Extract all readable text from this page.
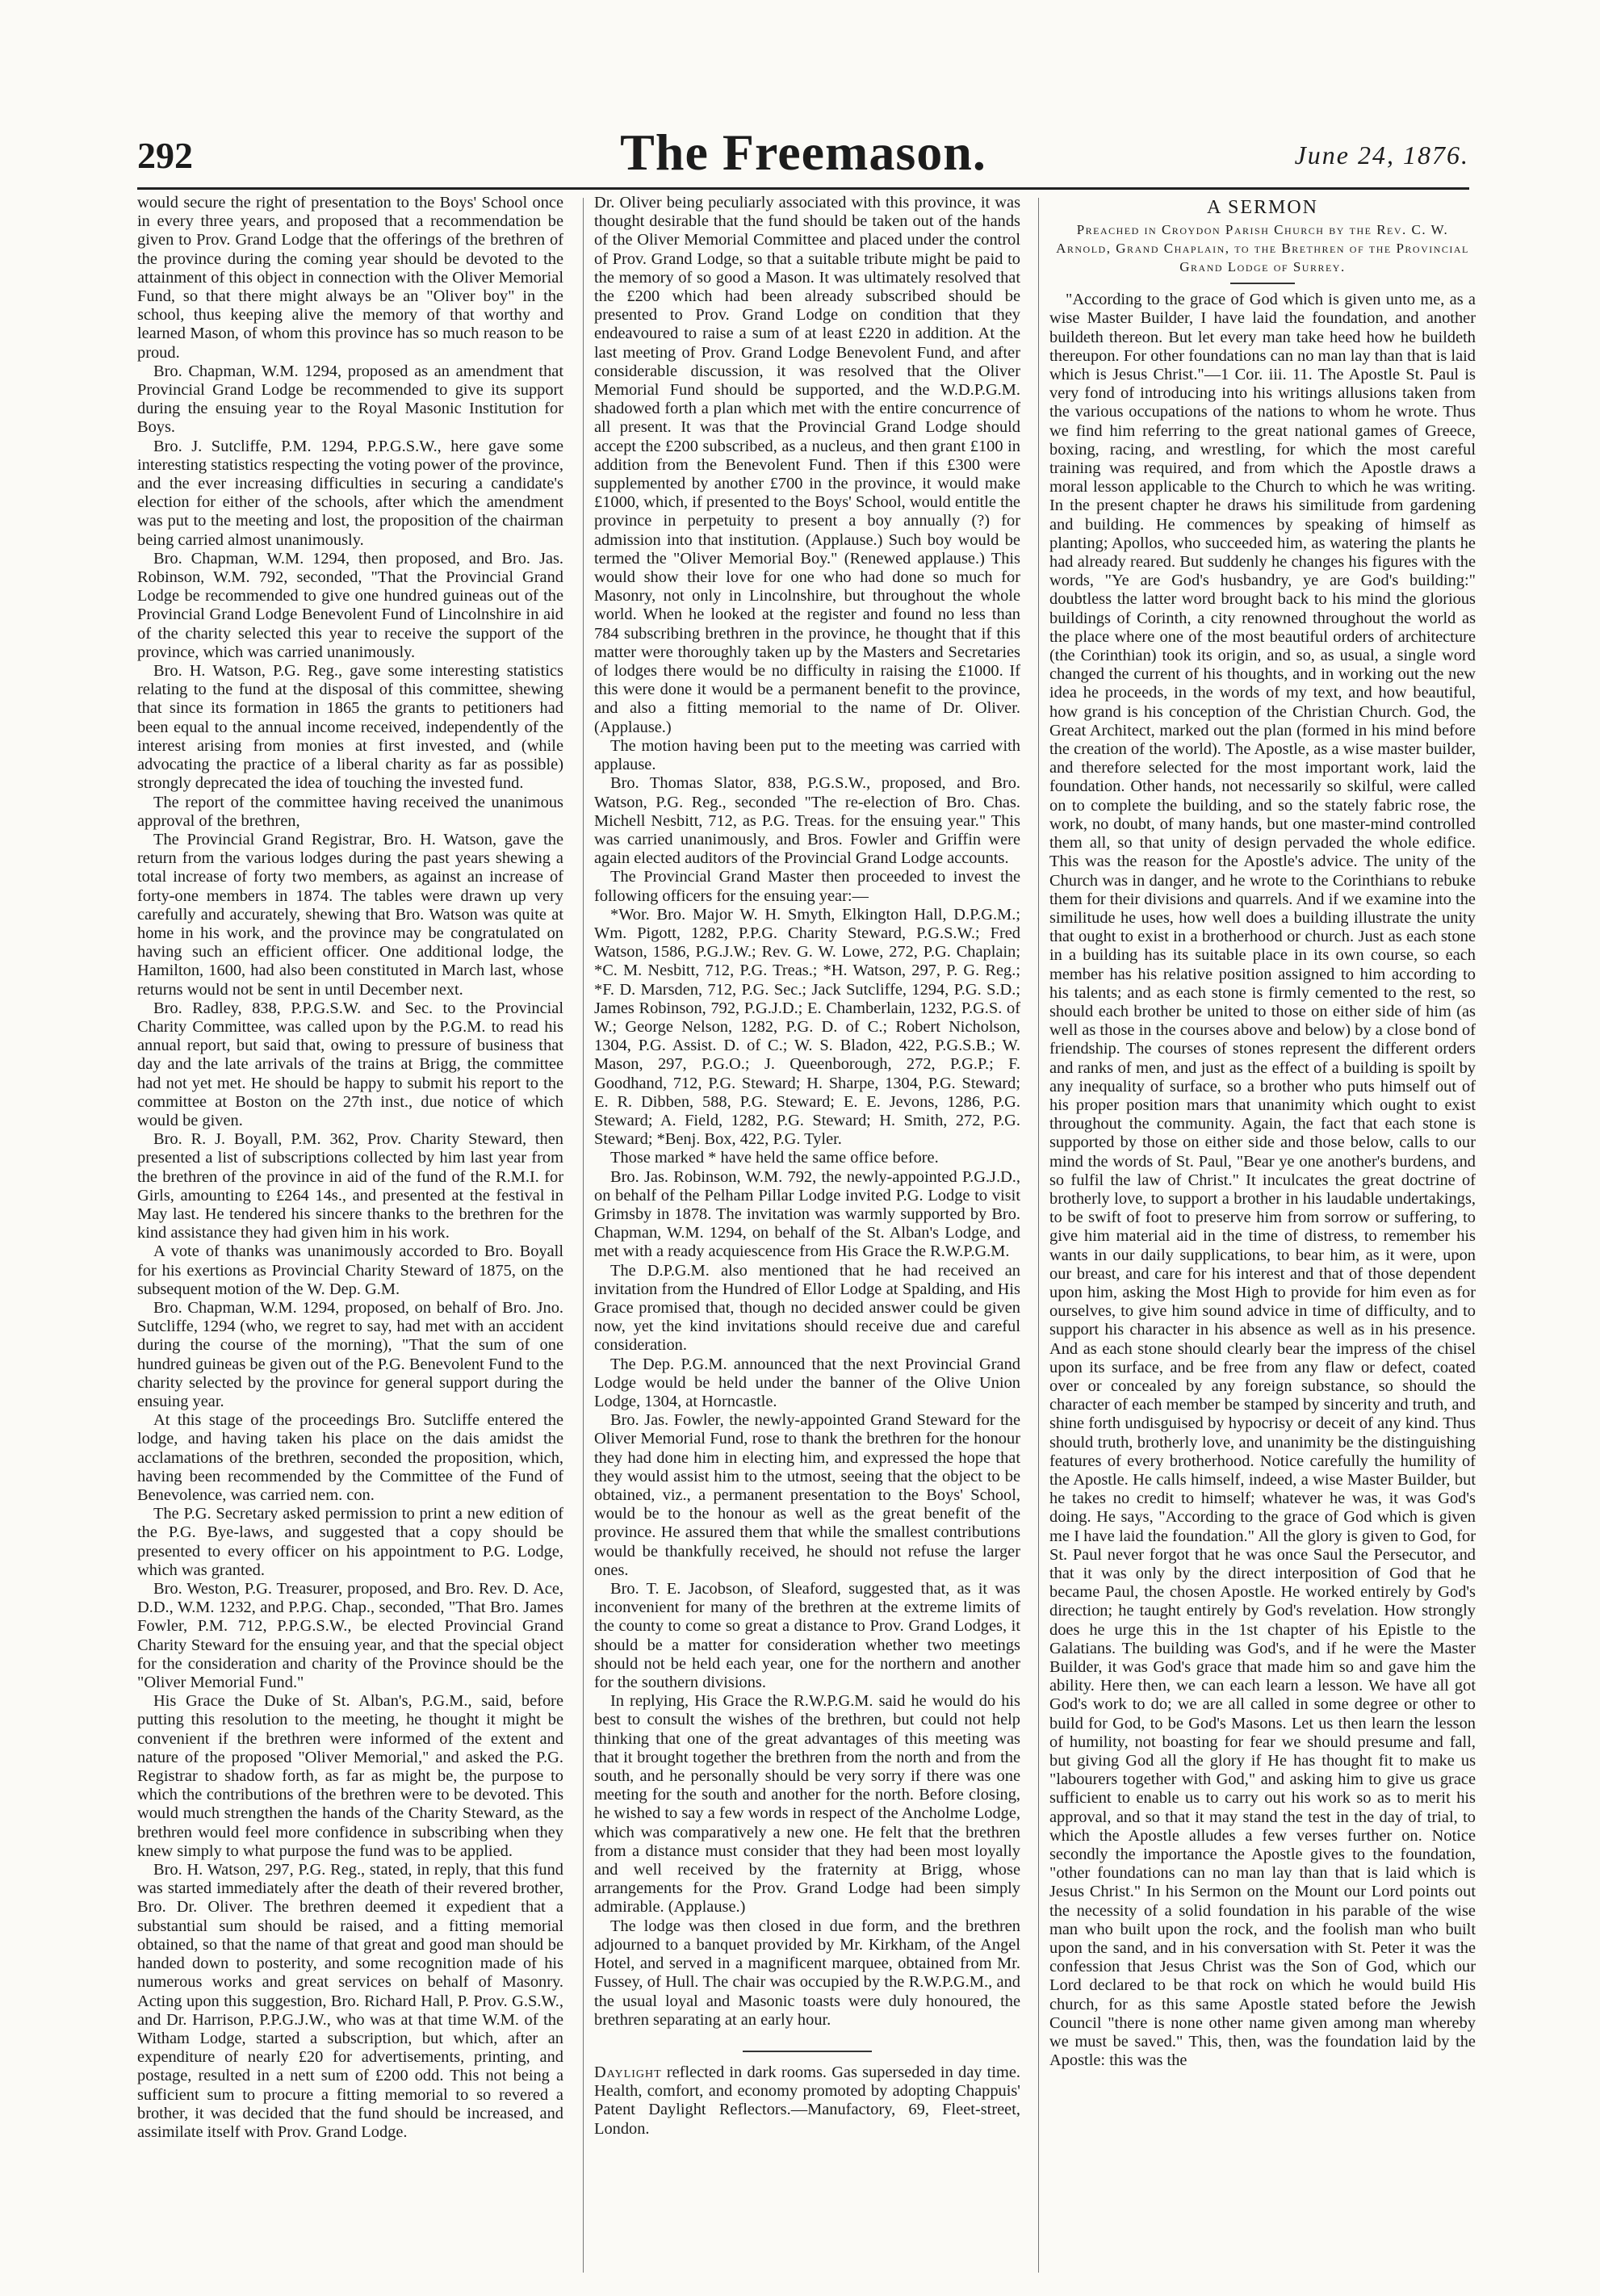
292	The Freemason.	June 24, 1876.

would secure the right of presentation to the Boys' School once in every three years, and proposed that a recommendation be given to Prov. Grand Lodge that the offerings of the brethren of the province during the coming year should be devoted to the attainment of this object in connection with the Oliver Memorial Fund, so that there might always be an "Oliver boy" in the school, thus keeping alive the memory of that worthy and learned Mason, of whom this province has so much reason to be proud.

Bro. Chapman, W.M. 1294, proposed as an amendment that Provincial Grand Lodge be recommended to give its support during the ensuing year to the Royal Masonic Institution for Boys.

Bro. J. Sutcliffe, P.M. 1294, P.P.G.S.W., here gave some interesting statistics respecting the voting power of the province, and the ever increasing difficulties in securing a candidate's election for either of the schools, after which the amendment was put to the meeting and lost, the proposition of the chairman being carried almost unanimously.

Bro. Chapman, W.M. 1294, then proposed, and Bro. Jas. Robinson, W.M. 792, seconded, "That the Provincial Grand Lodge be recommended to give one hundred guineas out of the Provincial Grand Lodge Benevolent Fund of Lincolnshire in aid of the charity selected this year to receive the support of the province, which was carried unanimously.

Bro. H. Watson, P.G. Reg., gave some interesting statistics relating to the fund at the disposal of this committee, shewing that since its formation in 1865 the grants to petitioners had been equal to the annual income received, independently of the interest arising from monies at first invested, and (while advocating the practice of a liberal charity as far as possible) strongly deprecated the idea of touching the invested fund.

The report of the committee having received the unanimous approval of the brethren,

The Provincial Grand Registrar, Bro. H. Watson, gave the return from the various lodges during the past years shewing a total increase of forty two members, as against an increase of forty-one members in 1874. The tables were drawn up very carefully and accurately, shewing that Bro. Watson was quite at home in his work, and the province may be congratulated on having such an efficient officer. One additional lodge, the Hamilton, 1600, had also been constituted in March last, whose returns would not be sent in until December next.

Bro. Radley, 838, P.P.G.S.W. and Sec. to the Provincial Charity Committee, was called upon by the P.G.M. to read his annual report, but said that, owing to pressure of business that day and the late arrivals of the trains at Brigg, the committee had not yet met. He should be happy to submit his report to the committee at Boston on the 27th inst., due notice of which would be given.

Bro. R. J. Boyall, P.M. 362, Prov. Charity Steward, then presented a list of subscriptions collected by him last year from the brethren of the province in aid of the fund of the R.M.I. for Girls, amounting to £264 14s., and presented at the festival in May last. He tendered his sincere thanks to the brethren for the kind assistance they had given him in his work.

A vote of thanks was unanimously accorded to Bro. Boyall for his exertions as Provincial Charity Steward of 1875, on the subsequent motion of the W. Dep. G.M.

Bro. Chapman, W.M. 1294, proposed, on behalf of Bro. Jno. Sutcliffe, 1294 (who, we regret to say, had met with an accident during the course of the morning), "That the sum of one hundred guineas be given out of the P.G. Benevolent Fund to the charity selected by the province for general support during the ensuing year.

At this stage of the proceedings Bro. Sutcliffe entered the lodge, and having taken his place on the dais amidst the acclamations of the brethren, seconded the proposition, which, having been recommended by the Committee of the Fund of Benevolence, was carried nem. con.

The P.G. Secretary asked permission to print a new edition of the P.G. Bye-laws, and suggested that a copy should be presented to every officer on his appointment to P.G. Lodge, which was granted.

Bro. Weston, P.G. Treasurer, proposed, and Bro. Rev. D. Ace, D.D., W.M. 1232, and P.P.G. Chap., seconded, "That Bro. James Fowler, P.M. 712, P.P.G.S.W., be elected Provincial Grand Charity Steward for the ensuing year, and that the special object for the consideration and charity of the Province should be the "Oliver Memorial Fund."

His Grace the Duke of St. Alban's, P.G.M., said, before putting this resolution to the meeting, he thought it might be convenient if the brethren were informed of the extent and nature of the proposed "Oliver Memorial," and asked the P.G. Registrar to shadow forth, as far as might be, the purpose to which the contributions of the brethren were to be devoted. This would much strengthen the hands of the Charity Steward, as the brethren would feel more confidence in subscribing when they knew simply to what purpose the fund was to be applied.

Bro. H. Watson, 297, P.G. Reg., stated, in reply, that this fund was started immediately after the death of their revered brother, Bro. Dr. Oliver. The brethren deemed it expedient that a substantial sum should be raised, and a fitting memorial obtained, so that the name of that great and good man should be handed down to posterity, and some recognition made of his numerous works and great services on behalf of Masonry. Acting upon this suggestion, Bro. Richard Hall, P. Prov. G.S.W., and Dr. Harrison, P.P.G.J.W., who was at that time W.M. of the Witham Lodge, started a subscription, but which, after an expenditure of nearly £20 for advertisements, printing, and postage, resulted in a nett sum of £200 odd. This not being a sufficient sum to procure a fitting memorial to so revered a brother, it was decided that the fund should be increased, and assimilate itself with Prov. Grand Lodge.

Dr. Oliver being peculiarly associated with this province, it was thought desirable that the fund should be taken out of the hands of the Oliver Memorial Committee and placed under the control of Prov. Grand Lodge, so that a suitable tribute might be paid to the memory of so good a Mason. It was ultimately resolved that the £200 which had been already subscribed should be presented to Prov. Grand Lodge on condition that they endeavoured to raise a sum of at least £220 in addition. At the last meeting of Prov. Grand Lodge Benevolent Fund, and after considerable discussion, it was resolved that the Oliver Memorial Fund should be supported, and the W.D.P.G.M. shadowed forth a plan which met with the entire concurrence of all present. It was that the Provincial Grand Lodge should accept the £200 subscribed, as a nucleus, and then grant £100 in addition from the Benevolent Fund. Then if this £300 were supplemented by another £700 in the province, it would make £1000, which, if presented to the Boys' School, would entitle the province in perpetuity to present a boy annually (?) for admission into that institution. (Applause.) Such boy would be termed the "Oliver Memorial Boy." (Renewed applause.) This would show their love for one who had done so much for Masonry, not only in Lincolnshire, but throughout the whole world. When he looked at the register and found no less than 784 subscribing brethren in the province, he thought that if this matter were thoroughly taken up by the Masters and Secretaries of lodges there would be no difficulty in raising the £1000. If this were done it would be a permanent benefit to the province, and also a fitting memorial to the name of Dr. Oliver. (Applause.)

The motion having been put to the meeting was carried with applause.

Bro. Thomas Slator, 838, P.G.S.W., proposed, and Bro. Watson, P.G. Reg., seconded "The re-election of Bro. Chas. Michell Nesbitt, 712, as P.G. Treas. for the ensuing year." This was carried unanimously, and Bros. Fowler and Griffin were again elected auditors of the Provincial Grand Lodge accounts.

The Provincial Grand Master then proceeded to invest the following officers for the ensuing year:—

*Wor. Bro. Major W. H. Smyth, Elkington Hall, D.P.G.M.; Wm. Pigott, 1282, P.P.G. Charity Steward, P.G.S.W.; Fred Watson, 1586, P.G.J.W.; Rev. G. W. Lowe, 272, P.G. Chaplain; *C. M. Nesbitt, 712, P.G. Treas.; *H. Watson, 297, P. G. Reg.; *F. D. Marsden, 712, P.G. Sec.; Jack Sutcliffe, 1294, P.G. S.D.; James Robinson, 792, P.G.J.D.; E. Chamberlain, 1232, P.G.S. of W.; George Nelson, 1282, P.G. D. of C.; Robert Nicholson, 1304, P.G. Assist. D. of C.; W. S. Bladon, 422, P.G.S.B.; W. Mason, 297, P.G.O.; J. Queenborough, 272, P.G.P.; F. Goodhand, 712, P.G. Steward; H. Sharpe, 1304, P.G. Steward; E. R. Dibben, 588, P.G. Steward; E. E. Jevons, 1286, P.G. Steward; A. Field, 1282, P.G. Steward; H. Smith, 272, P.G. Steward; *Benj. Box, 422, P.G. Tyler.

Those marked * have held the same office before.

Bro. Jas. Robinson, W.M. 792, the newly-appointed P.G.J.D., on behalf of the Pelham Pillar Lodge invited P.G. Lodge to visit Grimsby in 1878. The invitation was warmly supported by Bro. Chapman, W.M. 1294, on behalf of the St. Alban's Lodge, and met with a ready acquiescence from His Grace the R.W.P.G.M.

The D.P.G.M. also mentioned that he had received an invitation from the Hundred of Ellor Lodge at Spalding, and His Grace promised that, though no decided answer could be given now, yet the kind invitations should receive due and careful consideration.

The Dep. P.G.M. announced that the next Provincial Grand Lodge would be held under the banner of the Olive Union Lodge, 1304, at Horncastle.

Bro. Jas. Fowler, the newly-appointed Grand Steward for the Oliver Memorial Fund, rose to thank the brethren for the honour they had done him in electing him, and expressed the hope that they would assist him to the utmost, seeing that the object to be obtained, viz., a permanent presentation to the Boys' School, would be to the honour as well as the great benefit of the province. He assured them that while the smallest contributions would be thankfully received, he should not refuse the larger ones.

Bro. T. E. Jacobson, of Sleaford, suggested that, as it was inconvenient for many of the brethren at the extreme limits of the county to come so great a distance to Prov. Grand Lodges, it should be a matter for consideration whether two meetings should not be held each year, one for the northern and another for the southern divisions.

In replying, His Grace the R.W.P.G.M. said he would do his best to consult the wishes of the brethren, but could not help thinking that one of the great advantages of this meeting was that it brought together the brethren from the north and from the south, and he personally should be very sorry if there was one meeting for the south and another for the north. Before closing, he wished to say a few words in respect of the Ancholme Lodge, which was comparatively a new one. He felt that the brethren from a distance must consider that they had been most loyally and well received by the fraternity at Brigg, whose arrangements for the Prov. Grand Lodge had been simply admirable. (Applause.)

The lodge was then closed in due form, and the brethren adjourned to a banquet provided by Mr. Kirkham, of the Angel Hotel, and served in a magnificent marquee, obtained from Mr. Fussey, of Hull. The chair was occupied by the R.W.P.G.M., and the usual loyal and Masonic toasts were duly honoured, the brethren separating at an early hour.

Daylight reflected in dark rooms. Gas superseded in day time. Health, comfort, and economy promoted by adopting Chappuis' Patent Daylight Reflectors.—Manufactory, 69, Fleet-street, London.

A SERMON
Preached in Croydon Parish Church by the Rev. C. W. Arnold, Grand Chaplain, to the Brethren of the Provincial Grand Lodge of Surrey.

"According to the grace of God which is given unto me, as a wise Master Builder, I have laid the foundation, and another buildeth thereon. But let every man take heed how he buildeth thereupon. For other foundations can no man lay than that is laid which is Jesus Christ."—1 Cor. iii. 11. The Apostle St. Paul is very fond of introducing into his writings allusions taken from the various occupations of the nations to whom he wrote. Thus we find him referring to the great national games of Greece, boxing, racing, and wrestling, for which the most careful training was required, and from which the Apostle draws a moral lesson applicable to the Church to which he was writing. In the present chapter he draws his similitude from gardening and building. He commences by speaking of himself as planting; Apollos, who succeeded him, as watering the plants he had already reared. But suddenly he changes his figures with the words, "Ye are God's husbandry, ye are God's building:" doubtless the latter word brought back to his mind the glorious buildings of Corinth, a city renowned throughout the world as the place where one of the most beautiful orders of architecture (the Corinthian) took its origin, and so, as usual, a single word changed the current of his thoughts, and in working out the new idea he proceeds, in the words of my text, and how beautiful, how grand is his conception of the Christian Church. God, the Great Architect, marked out the plan (formed in his mind before the creation of the world). The Apostle, as a wise master builder, and therefore selected for the most important work, laid the foundation. Other hands, not necessarily so skilful, were called on to complete the building, and so the stately fabric rose, the work, no doubt, of many hands, but one master-mind controlled them all, so that unity of design pervaded the whole edifice. This was the reason for the Apostle's advice. The unity of the Church was in danger, and he wrote to the Corinthians to rebuke them for their divisions and quarrels. And if we examine into the similitude he uses, how well does a building illustrate the unity that ought to exist in a brotherhood or church. Just as each stone in a building has its suitable place in its own course, so each member has his relative position assigned to him according to his talents; and as each stone is firmly cemented to the rest, so should each brother be united to those on either side of him (as well as those in the courses above and below) by a close bond of friendship. The courses of stones represent the different orders and ranks of men, and just as the effect of a building is spoilt by any inequality of surface, so a brother who puts himself out of his proper position mars that unanimity which ought to exist throughout the community. Again, the fact that each stone is supported by those on either side and those below, calls to our mind the words of St. Paul, "Bear ye one another's burdens, and so fulfil the law of Christ." It inculcates the great doctrine of brotherly love, to support a brother in his laudable undertakings, to be swift of foot to preserve him from sorrow or suffering, to give him material aid in the time of distress, to remember his wants in our daily supplications, to bear him, as it were, upon our breast, and care for his interest and that of those dependent upon him, asking the Most High to provide for him even as for ourselves, to give him sound advice in time of difficulty, and to support his character in his absence as well as in his presence. And as each stone should clearly bear the impress of the chisel upon its surface, and be free from any flaw or defect, coated over or concealed by any foreign substance, so should the character of each member be stamped by sincerity and truth, and shine forth undisguised by hypocrisy or deceit of any kind. Thus should truth, brotherly love, and unanimity be the distinguishing features of every brotherhood. Notice carefully the humility of the Apostle. He calls himself, indeed, a wise Master Builder, but he takes no credit to himself; whatever he was, it was God's doing. He says, "According to the grace of God which is given me I have laid the foundation." All the glory is given to God, for St. Paul never forgot that he was once Saul the Persecutor, and that it was only by the direct interposition of God that he became Paul, the chosen Apostle. He worked entirely by God's direction; he taught entirely by God's revelation. How strongly does he urge this in the 1st chapter of his Epistle to the Galatians. The building was God's, and if he were the Master Builder, it was God's grace that made him so and gave him the ability. Here then, we can each learn a lesson. We have all got God's work to do; we are all called in some degree or other to build for God, to be God's Masons. Let us then learn the lesson of humility, not boasting for fear we should presume and fall, but giving God all the glory if He has thought fit to make us "labourers together with God," and asking him to give us grace sufficient to enable us to carry out his work so as to merit his approval, and so that it may stand the test in the day of trial, to which the Apostle alludes a few verses further on. Notice secondly the importance the Apostle gives to the foundation, "other foundations can no man lay than that is laid which is Jesus Christ." In his Sermon on the Mount our Lord points out the necessity of a solid foundation in his parable of the wise man who built upon the rock, and the foolish man who built upon the sand, and in his conversation with St. Peter it was the confession that Jesus Christ was the Son of God, which our Lord declared to be that rock on which he would build His church, for as this same Apostle stated before the Jewish Council "there is none other name given among man whereby we must be saved." This, then, was the foundation laid by the Apostle: this was the
